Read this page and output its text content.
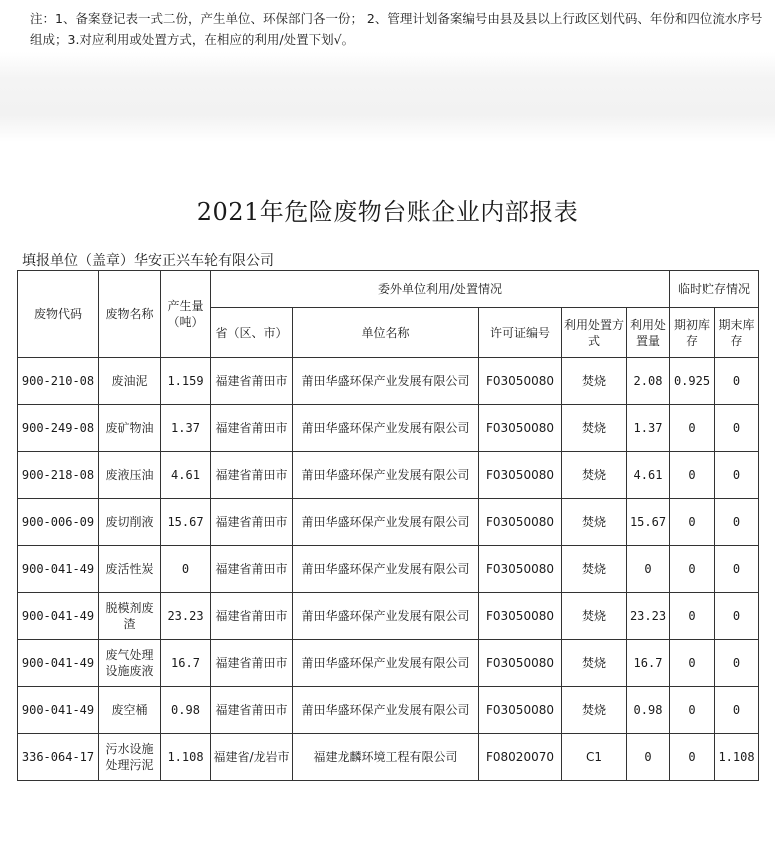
注：1、备案登记表一式二份，产生单位、环保部门各一份； 2、管理计划备案编号由县及县以上行政区划代码、年份和四位流水序号组成；3.对应利用或处置方式，在相应的利用/处置下划√。
2021年危险废物台账企业内部报表
填报单位（盖章）华安正兴车轮有限公司
废物代码	废物名称	产生量（吨）	委外单位利用/处置情况					临时贮存情况	
			省（区、市）	单位名称	许可证编号	利用处置方式	利用处置量	期初库存	期末库存
900-210-08	废油泥	1.159	福建省莆田市	莆田华盛环保产业发展有限公司	F03050080	焚烧	2.08	0.925	0
900-249-08	废矿物油	1.37	福建省莆田市	莆田华盛环保产业发展有限公司	F03050080	焚烧	1.37	0	0
900-218-08	废液压油	4.61	福建省莆田市	莆田华盛环保产业发展有限公司	F03050080	焚烧	4.61	0	0
900-006-09	废切削液	15.67	福建省莆田市	莆田华盛环保产业发展有限公司	F03050080	焚烧	15.67	0	0
900-041-49	废活性炭	0	福建省莆田市	莆田华盛环保产业发展有限公司	F03050080	焚烧	0	0	0
900-041-49	脱模剂废渣	23.23	福建省莆田市	莆田华盛环保产业发展有限公司	F03050080	焚烧	23.23	0	0
900-041-49	废气处理设施废液	16.7	福建省莆田市	莆田华盛环保产业发展有限公司	F03050080	焚烧	16.7	0	0
900-041-49	废空桶	0.98	福建省莆田市	莆田华盛环保产业发展有限公司	F03050080	焚烧	0.98	0	0
336-064-17	污水设施处理污泥	1.108	福建省/龙岩市	福建龙麟环境工程有限公司	F08020070	C1	0	0	1.108
